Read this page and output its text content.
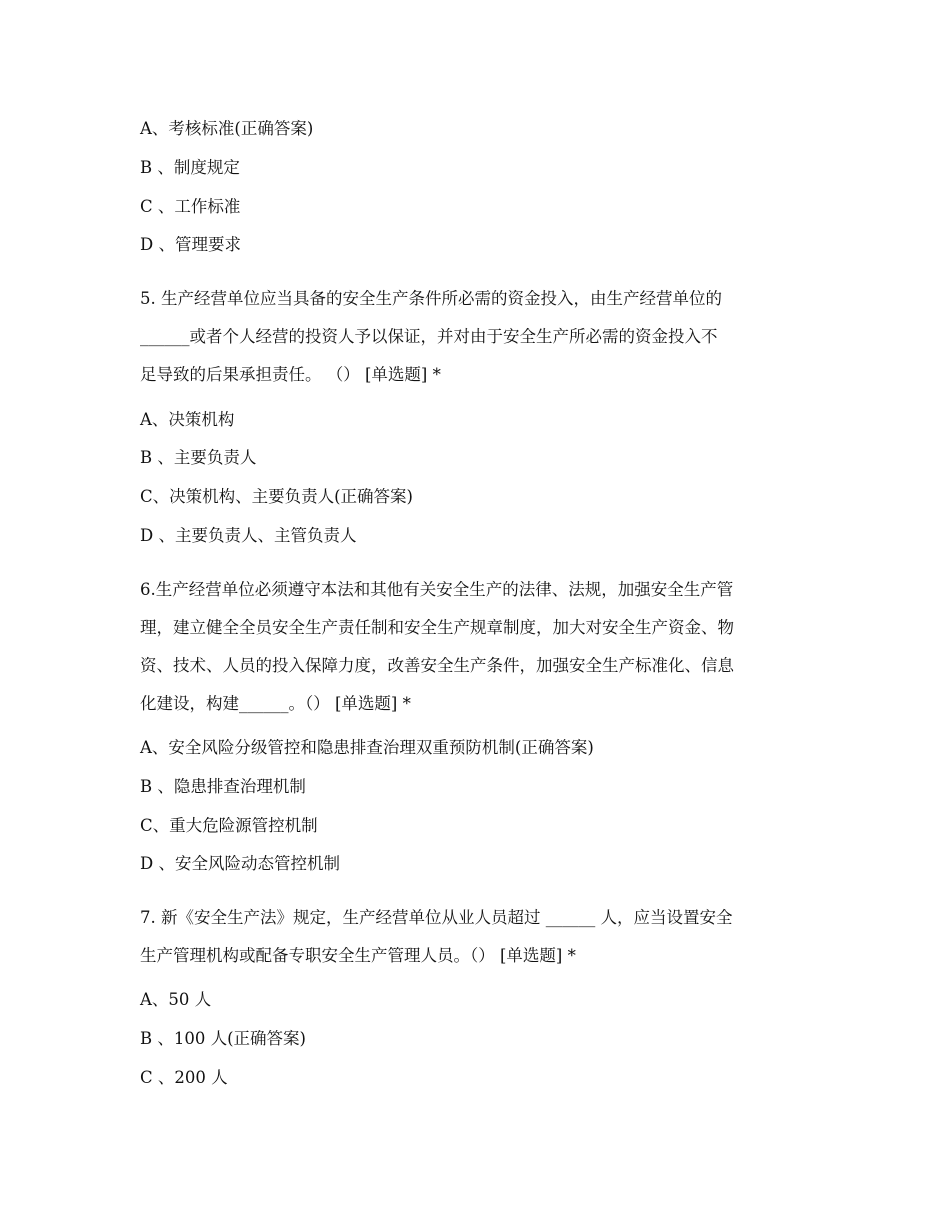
A、考核标准(正确答案)
B 、制度规定
C 、工作标准
D 、管理要求
5. 生产经营单位应当具备的安全生产条件所必需的资金投入，由生产经营单位的
______或者个人经营的投资人予以保证，并对由于安全生产所必需的资金投入不
足导致的后果承担责任。 （） [单选题] *
A、决策机构
B 、主要负责人
C、决策机构、主要负责人(正确答案)
D 、主要负责人、主管负责人
6.生产经营单位必须遵守本法和其他有关安全生产的法律、法规，加强安全生产管
理，建立健全全员安全生产责任制和安全生产规章制度，加大对安全生产资金、物
资、技术、人员的投入保障力度，改善安全生产条件，加强安全生产标准化、信息
化建设，构建______。（） [单选题] *
A、安全风险分级管控和隐患排查治理双重预防机制(正确答案)
B 、隐患排查治理机制
C、重大危险源管控机制
D 、安全风险动态管控机制
7. 新《安全生产法》规定，生产经营单位从业人员超过 ______ 人，应当设置安全
生产管理机构或配备专职安全生产管理人员。（） [单选题] *
A、50 人
B 、100 人(正确答案)
C 、200 人
